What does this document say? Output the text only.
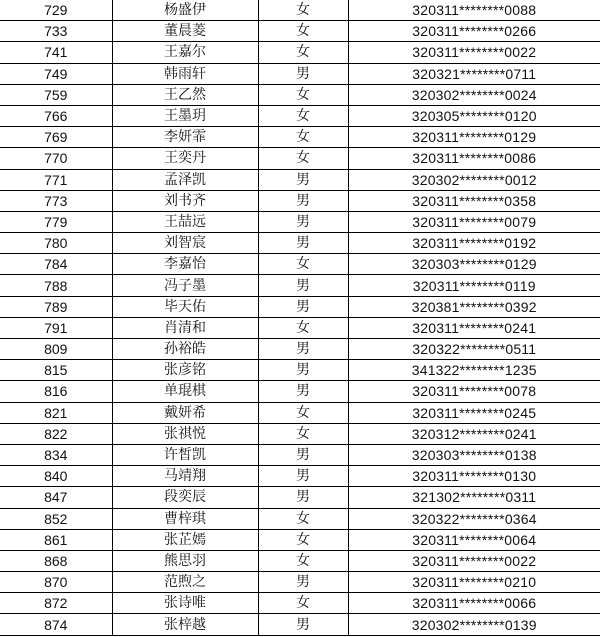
729	杨盛伊	女	320311********0088
733	董晨菱	女	320311********0266
741	王嘉尔	女	320311********0022
749	韩雨轩	男	320321********0711
759	王乙然	女	320302********0024
766	王墨玥	女	320305********0120
769	李妍霏	女	320311********0129
770	王奕丹	女	320311********0086
771	孟泽凯	男	320302********0012
773	刘书齐	男	320311********0358
779	王喆远	男	320311********0079
780	刘智宸	男	320311********0192
784	李嘉怡	女	320303********0129
788	冯子墨	男	320311********0119
789	毕天佑	男	320381********0392
791	肖清和	女	320311********0241
809	孙裕皓	男	320322********0511
815	张彦铭	男	341322********1235
816	单琨棋	男	320311********0078
821	戴妍希	女	320311********0245
822	张祺悦	女	320312********0241
834	许皙凯	男	320303********0138
840	马靖翔	男	320311********0130
847	段奕辰	男	321302********0311
852	曹梓琪	女	320322********0364
861	张芷嫣	女	320311********0064
868	熊思羽	女	320311********0022
870	范煦之	男	320311********0210
872	张诗唯	女	320311********0066
874	张梓越	男	320302********0139
